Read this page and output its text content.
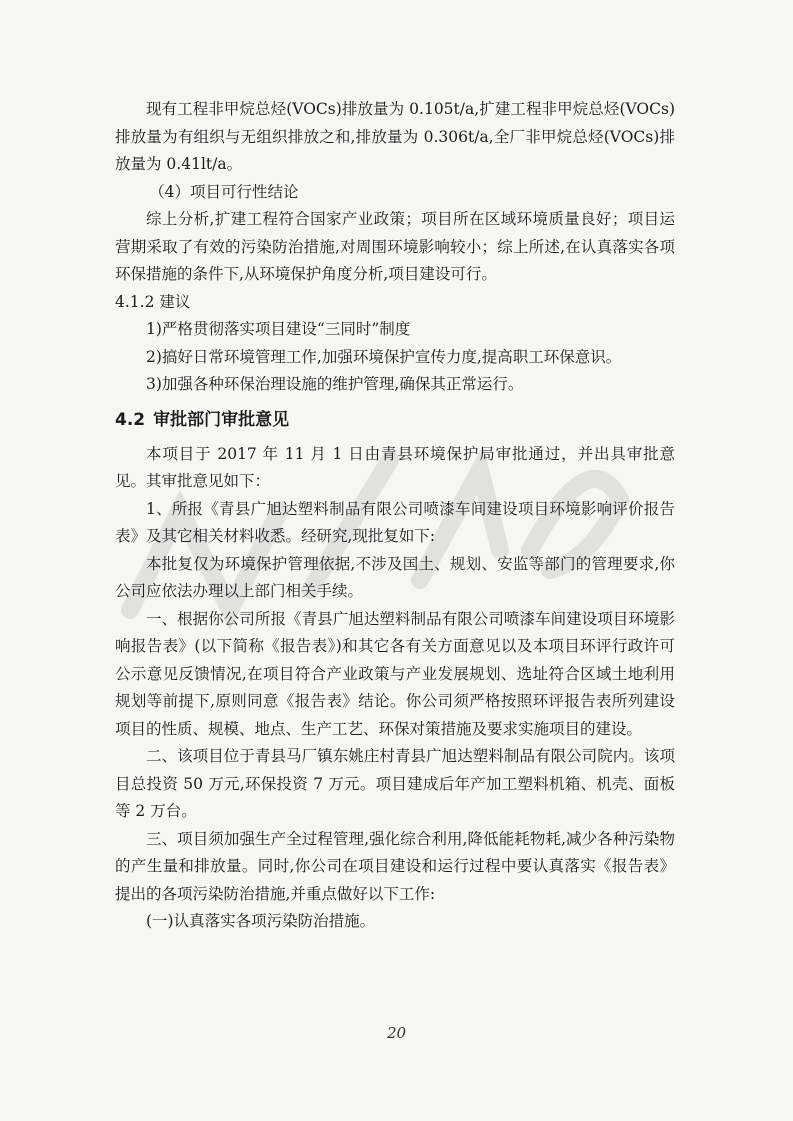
现有工程非甲烷总烃(VOCs)排放量为 0.105t/a,扩建工程非甲烷总烃(VOCs)排放量为有组织与无组织排放之和,排放量为 0.306t/a,全厂非甲烷总烃(VOCs)排放量为 0.41lt/a。

（4）项目可行性结论

综上分析,扩建工程符合国家产业政策；项目所在区域环境质量良好；项目运营期采取了有效的污染防治措施,对周围环境影响较小；综上所述,在认真落实各项环保措施的条件下,从环境保护角度分析,项目建设可行。

4.1.2 建议

1)严格贯彻落实项目建设“三同时”制度

2)搞好日常环境管理工作,加强环境保护宣传力度,提高职工环保意识。

3)加强各种环保治理设施的维护管理,确保其正常运行。

4.2 审批部门审批意见

本项目于 2017 年 11 月 1 日由青县环境保护局审批通过，并出具审批意见。其审批意见如下：

1、所报《青县广旭达塑料制品有限公司喷漆车间建设项目环境影响评价报告表》及其它相关材料收悉。经研究,现批复如下:

本批复仅为环境保护管理依据,不涉及国土、规划、安监等部门的管理要求,你公司应依法办理以上部门相关手续。

一、根据你公司所报《青县广旭达塑料制品有限公司喷漆车间建设项目环境影响报告表》(以下简称《报告表》)和其它各有关方面意见以及本项目环评行政许可公示意见反馈情况,在项目符合产业政策与产业发展规划、选址符合区域土地利用规划等前提下,原则同意《报告表》结论。你公司须严格按照环评报告表所列建设项目的性质、规模、地点、生产工艺、环保对策措施及要求实施项目的建设。

二、该项目位于青县马厂镇东姚庄村青县广旭达塑料制品有限公司院内。该项目总投资 50 万元,环保投资 7 万元。项目建成后年产加工塑料机箱、机壳、面板等 2 万台。

三、项目须加强生产全过程管理,强化综合利用,降低能耗物耗,减少各种污染物的产生量和排放量。同时,你公司在项目建设和运行过程中要认真落实《报告表》提出的各项污染防治措施,并重点做好以下工作:

(一)认真落实各项污染防治措施。

20
